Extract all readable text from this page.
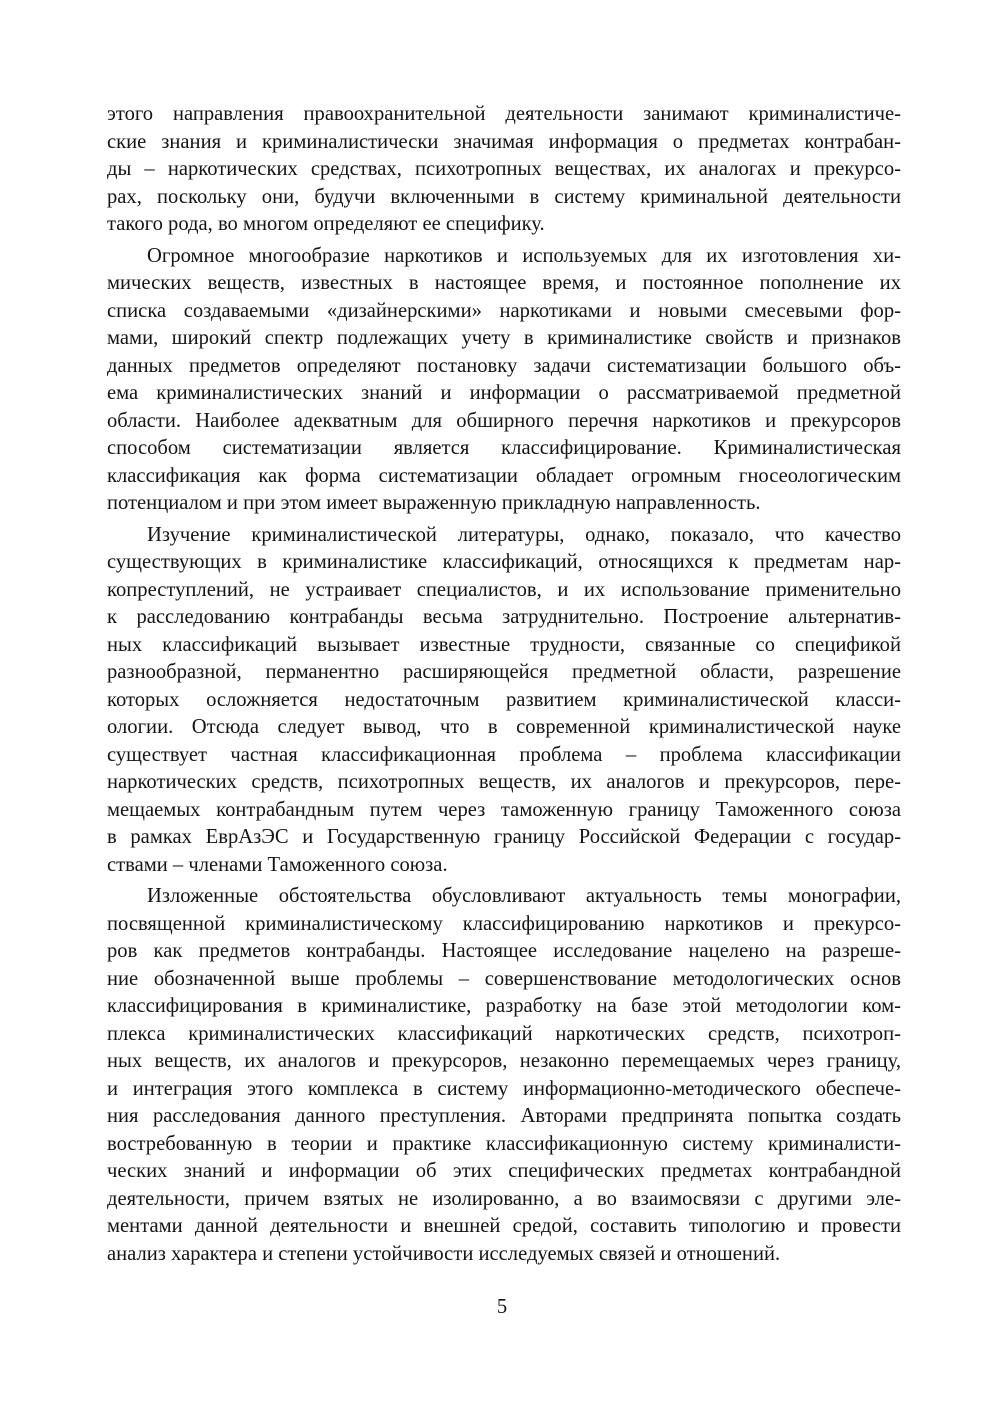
этого направления правоохранительной деятельности занимают криминалистиче-
ские знания и криминалистически значимая информация о предметах контрабан-
ды – наркотических средствах, психотропных веществах, их аналогах и прекурсо-
рах, поскольку они, будучи включенными в систему криминальной деятельности
такого рода, во многом определяют ее специфику.

Огромное многообразие наркотиков и используемых для их изготовления хи-
мических веществ, известных в настоящее время, и постоянное пополнение их
списка создаваемыми «дизайнерскими» наркотиками и новыми смесевыми фор-
мами, широкий спектр подлежащих учету в криминалистике свойств и признаков
данных предметов определяют постановку задачи систематизации большого объ-
ема криминалистических знаний и информации о рассматриваемой предметной
области. Наиболее адекватным для обширного перечня наркотиков и прекурсоров
способом систематизации является классифицирование. Криминалистическая
классификация как форма систематизации обладает огромным гносеологическим
потенциалом и при этом имеет выраженную прикладную направленность.

Изучение криминалистической литературы, однако, показало, что качество
существующих в криминалистике классификаций, относящихся к предметам нар-
копреступлений, не устраивает специалистов, и их использование применительно
к расследованию контрабанды весьма затруднительно. Построение альтернатив-
ных классификаций вызывает известные трудности, связанные со спецификой
разнообразной, перманентно расширяющейся предметной области, разрешение
которых осложняется недостаточным развитием криминалистической класси-
ологии. Отсюда следует вывод, что в современной криминалистической науке
существует частная классификационная проблема – проблема классификации
наркотических средств, психотропных веществ, их аналогов и прекурсоров, пере-
мещаемых контрабандным путем через таможенную границу Таможенного союза
в рамках ЕврАзЭС и Государственную границу Российской Федерации с государ-
ствами – членами Таможенного союза.

Изложенные обстоятельства обусловливают актуальность темы монографии,
посвященной криминалистическому классифицированию наркотиков и прекурсо-
ров как предметов контрабанды. Настоящее исследование нацелено на разреше-
ние обозначенной выше проблемы – совершенствование методологических основ
классифицирования в криминалистике, разработку на базе этой методологии ком-
плекса криминалистических классификаций наркотических средств, психотроп-
ных веществ, их аналогов и прекурсоров, незаконно перемещаемых через границу,
и интеграция этого комплекса в систему информационно-методического обеспече-
ния расследования данного преступления. Авторами предпринята попытка создать
востребованную в теории и практике классификационную систему криминалисти-
ческих знаний и информации об этих специфических предметах контрабандной
деятельности, причем взятых не изолированно, а во взаимосвязи с другими эле-
ментами данной деятельности и внешней средой, составить типологию и провести
анализ характера и степени устойчивости исследуемых связей и отношений.

5
